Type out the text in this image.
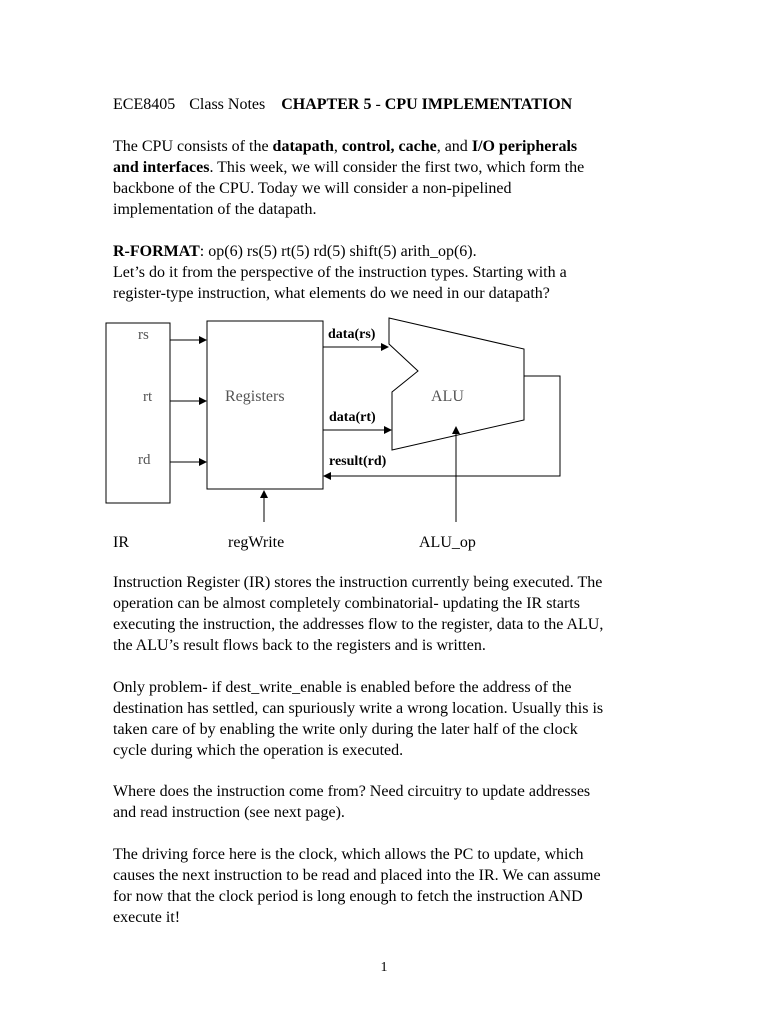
ECE8405 Class Notes CHAPTER 5 - CPU IMPLEMENTATION
The CPU consists of the datapath, control, cache, and I/O peripherals
and interfaces. This week, we will consider the first two, which form the
backbone of the CPU. Today we will consider a non-pipelined
implementation of the datapath.
R-FORMAT: op(6) rs(5) rt(5) rd(5) shift(5) arith_op(6).
Let’s do it from the perspective of the instruction types. Starting with a
register-type instruction, what elements do we need in our datapath?
rs
rt
rd
Registers	ALU
data(rs)
data(rt)
result(rd)
IR	regWrite	ALU_op
Instruction Register (IR) stores the instruction currently being executed. The
operation can be almost completely combinatorial- updating the IR starts
executing the instruction, the addresses flow to the register, data to the ALU,
the ALU’s result flows back to the registers and is written.
Only problem- if dest_write_enable is enabled before the address of the
destination has settled, can spuriously write a wrong location. Usually this is
taken care of by enabling the write only during the later half of the clock
cycle during which the operation is executed.
Where does the instruction come from? Need circuitry to update addresses
and read instruction (see next page).
The driving force here is the clock, which allows the PC to update, which
causes the next instruction to be read and placed into the IR. We can assume
for now that the clock period is long enough to fetch the instruction AND
execute it!
1
